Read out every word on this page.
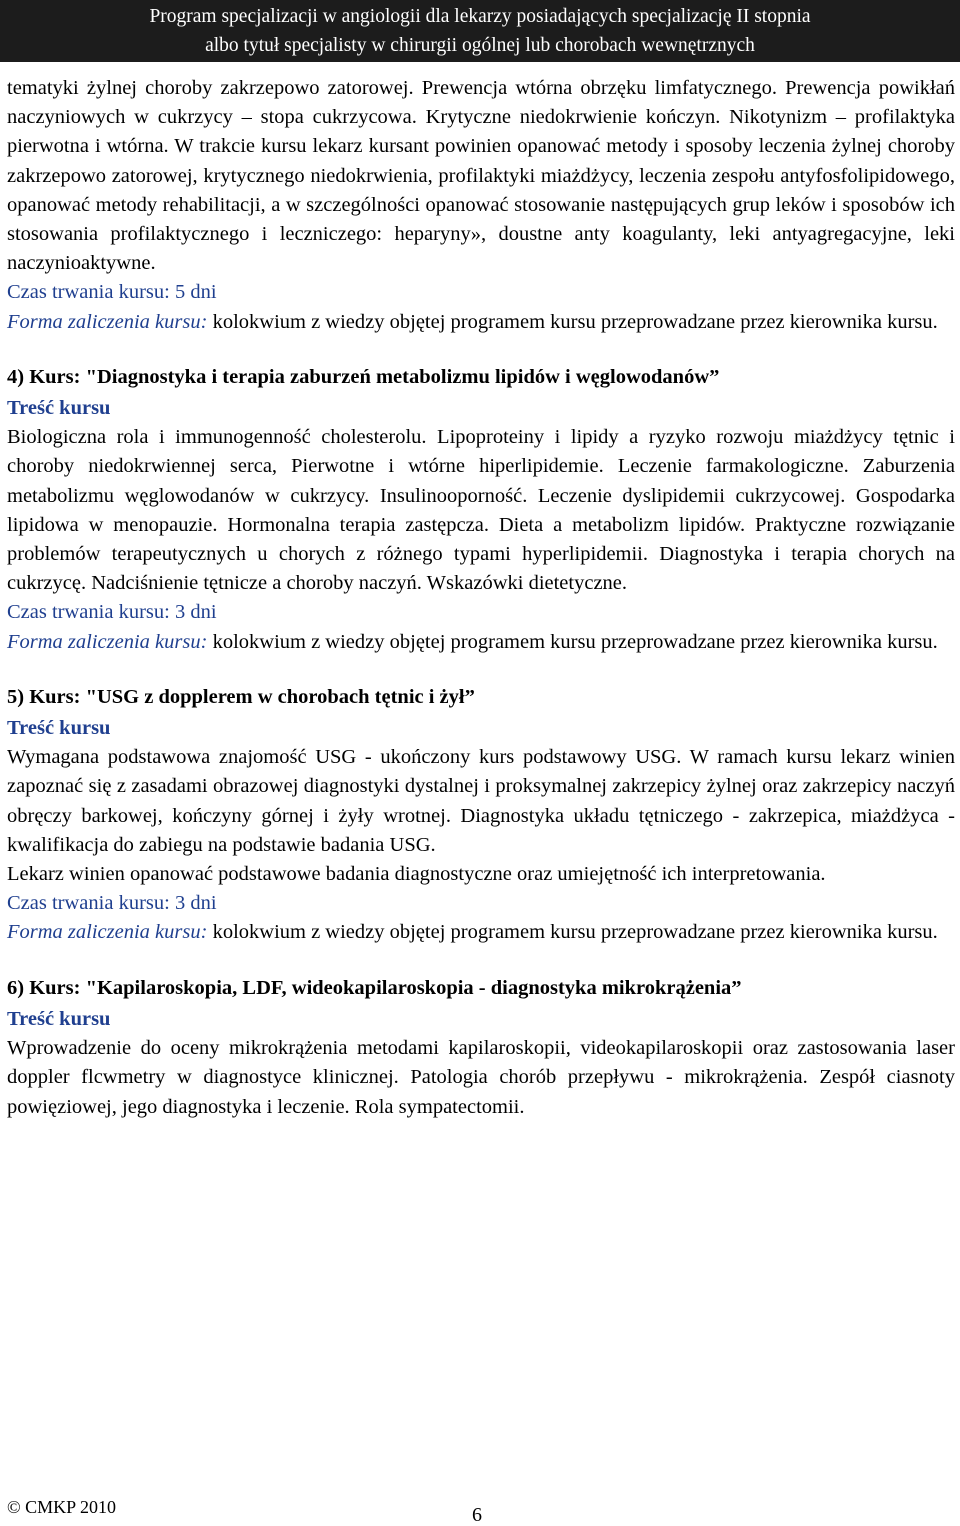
Program specjalizacji w angiologii dla lekarzy posiadających specjalizację II stopnia
albo tytuł specjalisty w chirurgii ogólnej lub chorobach wewnętrznych

tematyki żylnej choroby zakrzepowo zatorowej. Prewencja wtórna obrzęku limfatycznego. Prewencja powikłań naczyniowych w cukrzycy – stopa cukrzycowa. Krytyczne niedokrwienie kończyn. Nikotynizm – profilaktyka pierwotna i wtórna. W trakcie kursu lekarz kursant powinien opanować metody i sposoby leczenia żylnej choroby zakrzepowo zatorowej, krytycznego niedokrwienia, profilaktyki miażdżycy, leczenia zespołu antyfosfolipidowego, opanować metody rehabilitacji, a w szczególności opanować stosowanie następujących grup leków i sposobów ich stosowania profilaktycznego i leczniczego: heparyny», doustne anty koagulanty, leki antyagregacyjne, leki naczynioaktywne.

Czas trwania kursu: 5 dni

Forma zaliczenia kursu: kolokwium z wiedzy objętej programem kursu przeprowadzane przez kierownika kursu.

4) Kurs: "Diagnostyka i terapia zaburzeń metabolizmu lipidów i węglowodanów”

Treść kursu

Biologiczna rola i immunogenność cholesterolu. Lipoproteiny i lipidy a ryzyko rozwoju miażdżycy tętnic i choroby niedokrwiennej serca, Pierwotne i wtórne hiperlipidemie. Leczenie farmakologiczne. Zaburzenia metabolizmu węglowodanów w cukrzycy. Insulinooporność. Leczenie dyslipidemii cukrzycowej. Gospodarka lipidowa w menopauzie. Hormonalna terapia zastępcza. Dieta a metabolizm lipidów. Praktyczne rozwiązanie problemów terapeutycznych u chorych z różnego typami hyperlipidemii. Diagnostyka i terapia chorych na cukrzycę. Nadciśnienie tętnicze a choroby naczyń. Wskazówki dietetyczne.

Czas trwania kursu: 3 dni

Forma zaliczenia kursu: kolokwium z wiedzy objętej programem kursu przeprowadzane przez kierownika kursu.

5) Kurs: "USG z dopplerem w chorobach tętnic i żył”

Treść kursu

Wymagana podstawowa znajomość USG - ukończony kurs podstawowy USG. W ramach kursu lekarz winien zapoznać się z zasadami obrazowej diagnostyki dystalnej i proksymalnej zakrzepicy żylnej oraz zakrzepicy naczyń obręczy barkowej, kończyny górnej i żyły wrotnej. Diagnostyka układu tętniczego - zakrzepica, miażdżyca - kwalifikacja do zabiegu na podstawie badania USG.

Lekarz winien opanować podstawowe badania diagnostyczne oraz umiejętność ich interpretowania.

Czas trwania kursu: 3 dni

Forma zaliczenia kursu: kolokwium z wiedzy objętej programem kursu przeprowadzane przez kierownika kursu.

6) Kurs: "Kapilaroskopia, LDF, wideokapilaroskopia - diagnostyka mikrokrążenia”

Treść kursu

Wprowadzenie do oceny mikrokrążenia metodami kapilaroskopii, videokapilaroskopii oraz zastosowania laser doppler flcwmetry w diagnostyce klinicznej. Patologia chorób przepływu - mikrokrążenia. Zespół ciasnoty powięziowej, jego diagnostyka i leczenie. Rola sympatectomii.

© CMKP 2010	6
